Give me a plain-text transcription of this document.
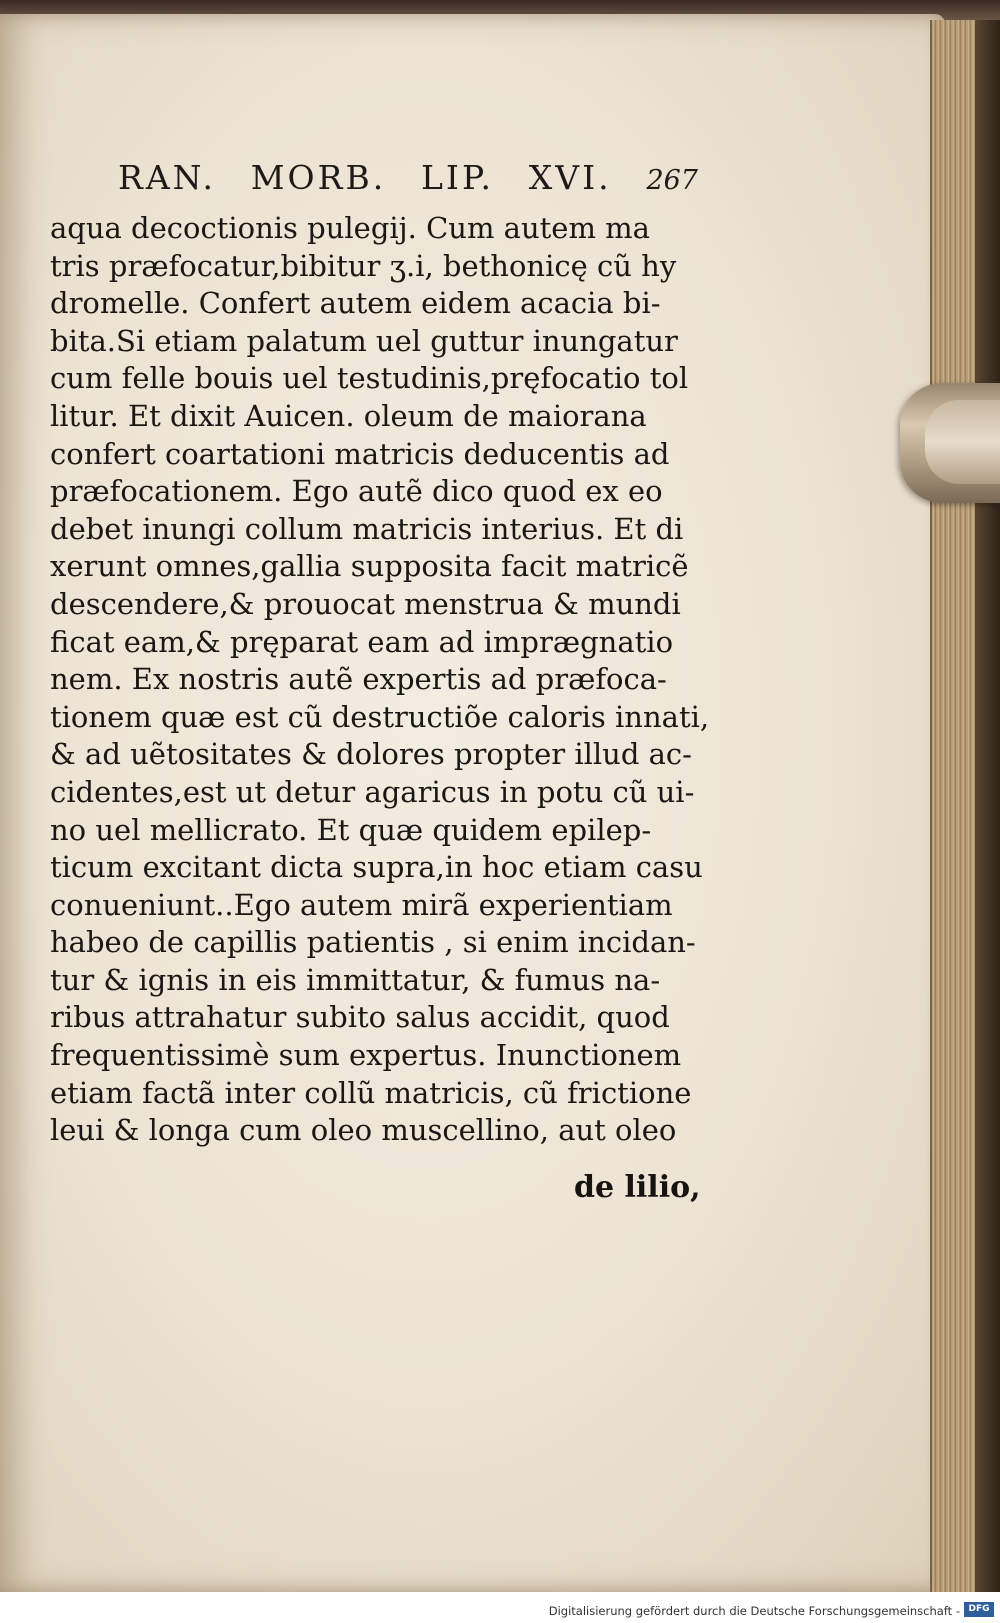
RAN. MORB. LIP. XVI. 267
aqua decoctionis pulegij. Cum autem ma
tris præfocatur,bibitur ʒ.i, bethonicę cũ hy
dromelle. Confert autem eidem acacia bi-
bita.Si etiam palatum uel guttur inungatur
cum felle bouis uel testudinis,pręfocatio tol
litur. Et dixit Auicen. oleum de maiorana
confert coartationi matricis deducentis ad
præfocationem. Ego autẽ dico quod ex eo
debet inungi collum matricis interius. Et di
xerunt omnes,gallia supposita facit matricẽ
descendere,& prouocat menstrua & mundi
ficat eam,& pręparat eam ad imprægnatio
nem. Ex nostris autẽ expertis ad præfoca-
tionem quæ est cũ destructiõe caloris innati,
& ad uẽtositates & dolores propter illud ac-
cidentes,est ut detur agaricus in potu cũ ui-
no uel mellicrato. Et quæ quidem epilep-
ticum excitant dicta supra,in hoc etiam casu
conueniunt..Ego autem mirã experientiam
habeo de capillis patientis , si enim incidan-
tur & ignis in eis immittatur, & fumus na-
ribus attrahatur subito salus accidit, quod
frequentissimè sum expertus. Inunctionem
etiam factã inter collũ matricis, cũ frictione
leui & longa cum oleo muscellino, aut oleo
de lilio,
Digitalisierung gefördert durch die Deutsche Forschungsgemeinschaft - DFG
